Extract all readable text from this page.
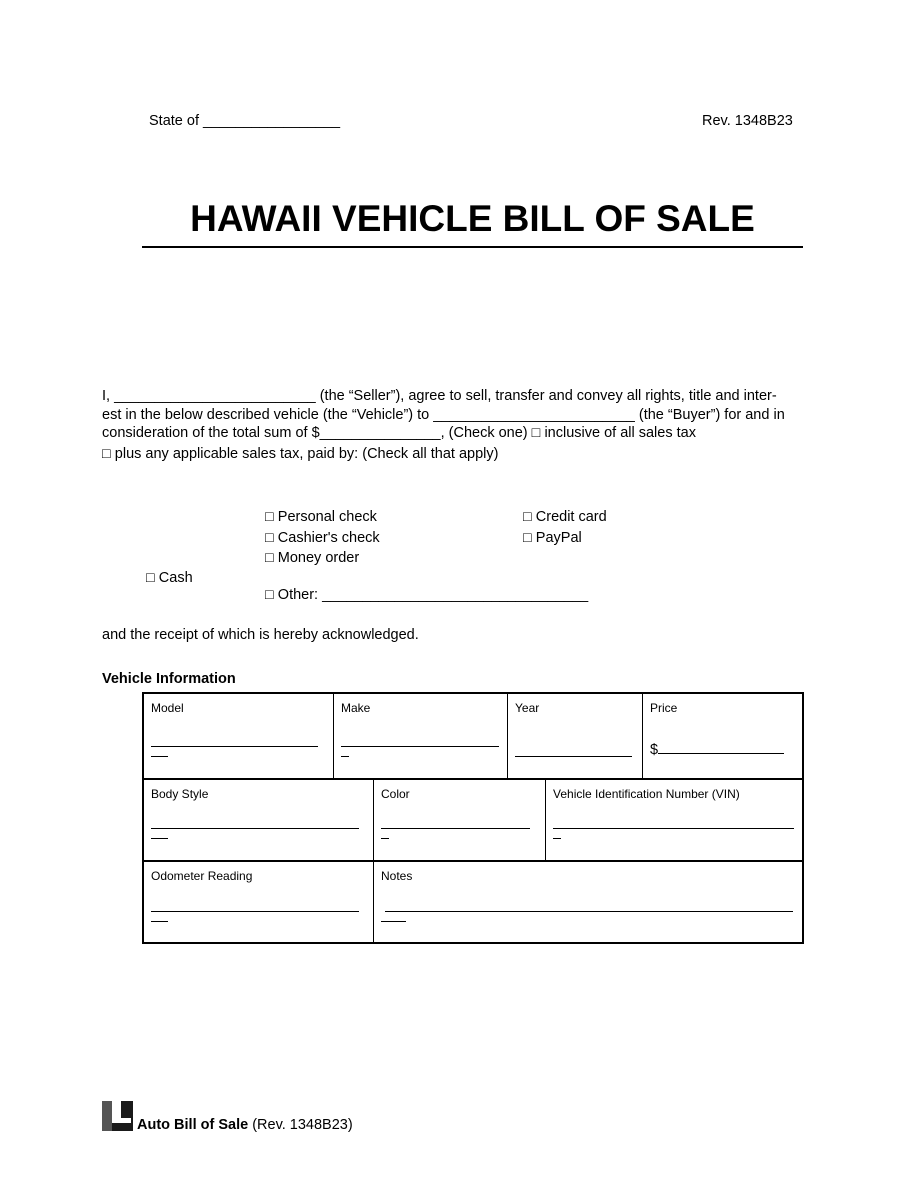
State of _________________	Rev. 1348B23
HAWAII VEHICLE BILL OF SALE
I, _________________________ (the “Seller”), agree to sell, transfer and convey all rights, title and inter-
est in the below described vehicle (the “Vehicle”) to _________________________ (the “Buyer”) for and in
consideration of the total sum of $_______________, (Check one) □ inclusive of all sales tax
□ plus any applicable sales tax, paid by: (Check all that apply)
□ Personal check
□ Cashier's check
□ Money order
□ Cash
□ Other: _________________________________
□ Credit card
□ PayPal
and the receipt of which is hereby acknowledged.
Vehicle Information
Model	Make	Year	Price
$
Body Style	Color	Vehicle Identification Number (VIN)
Odometer Reading	Notes
Auto Bill of Sale (Rev. 1348B23)
